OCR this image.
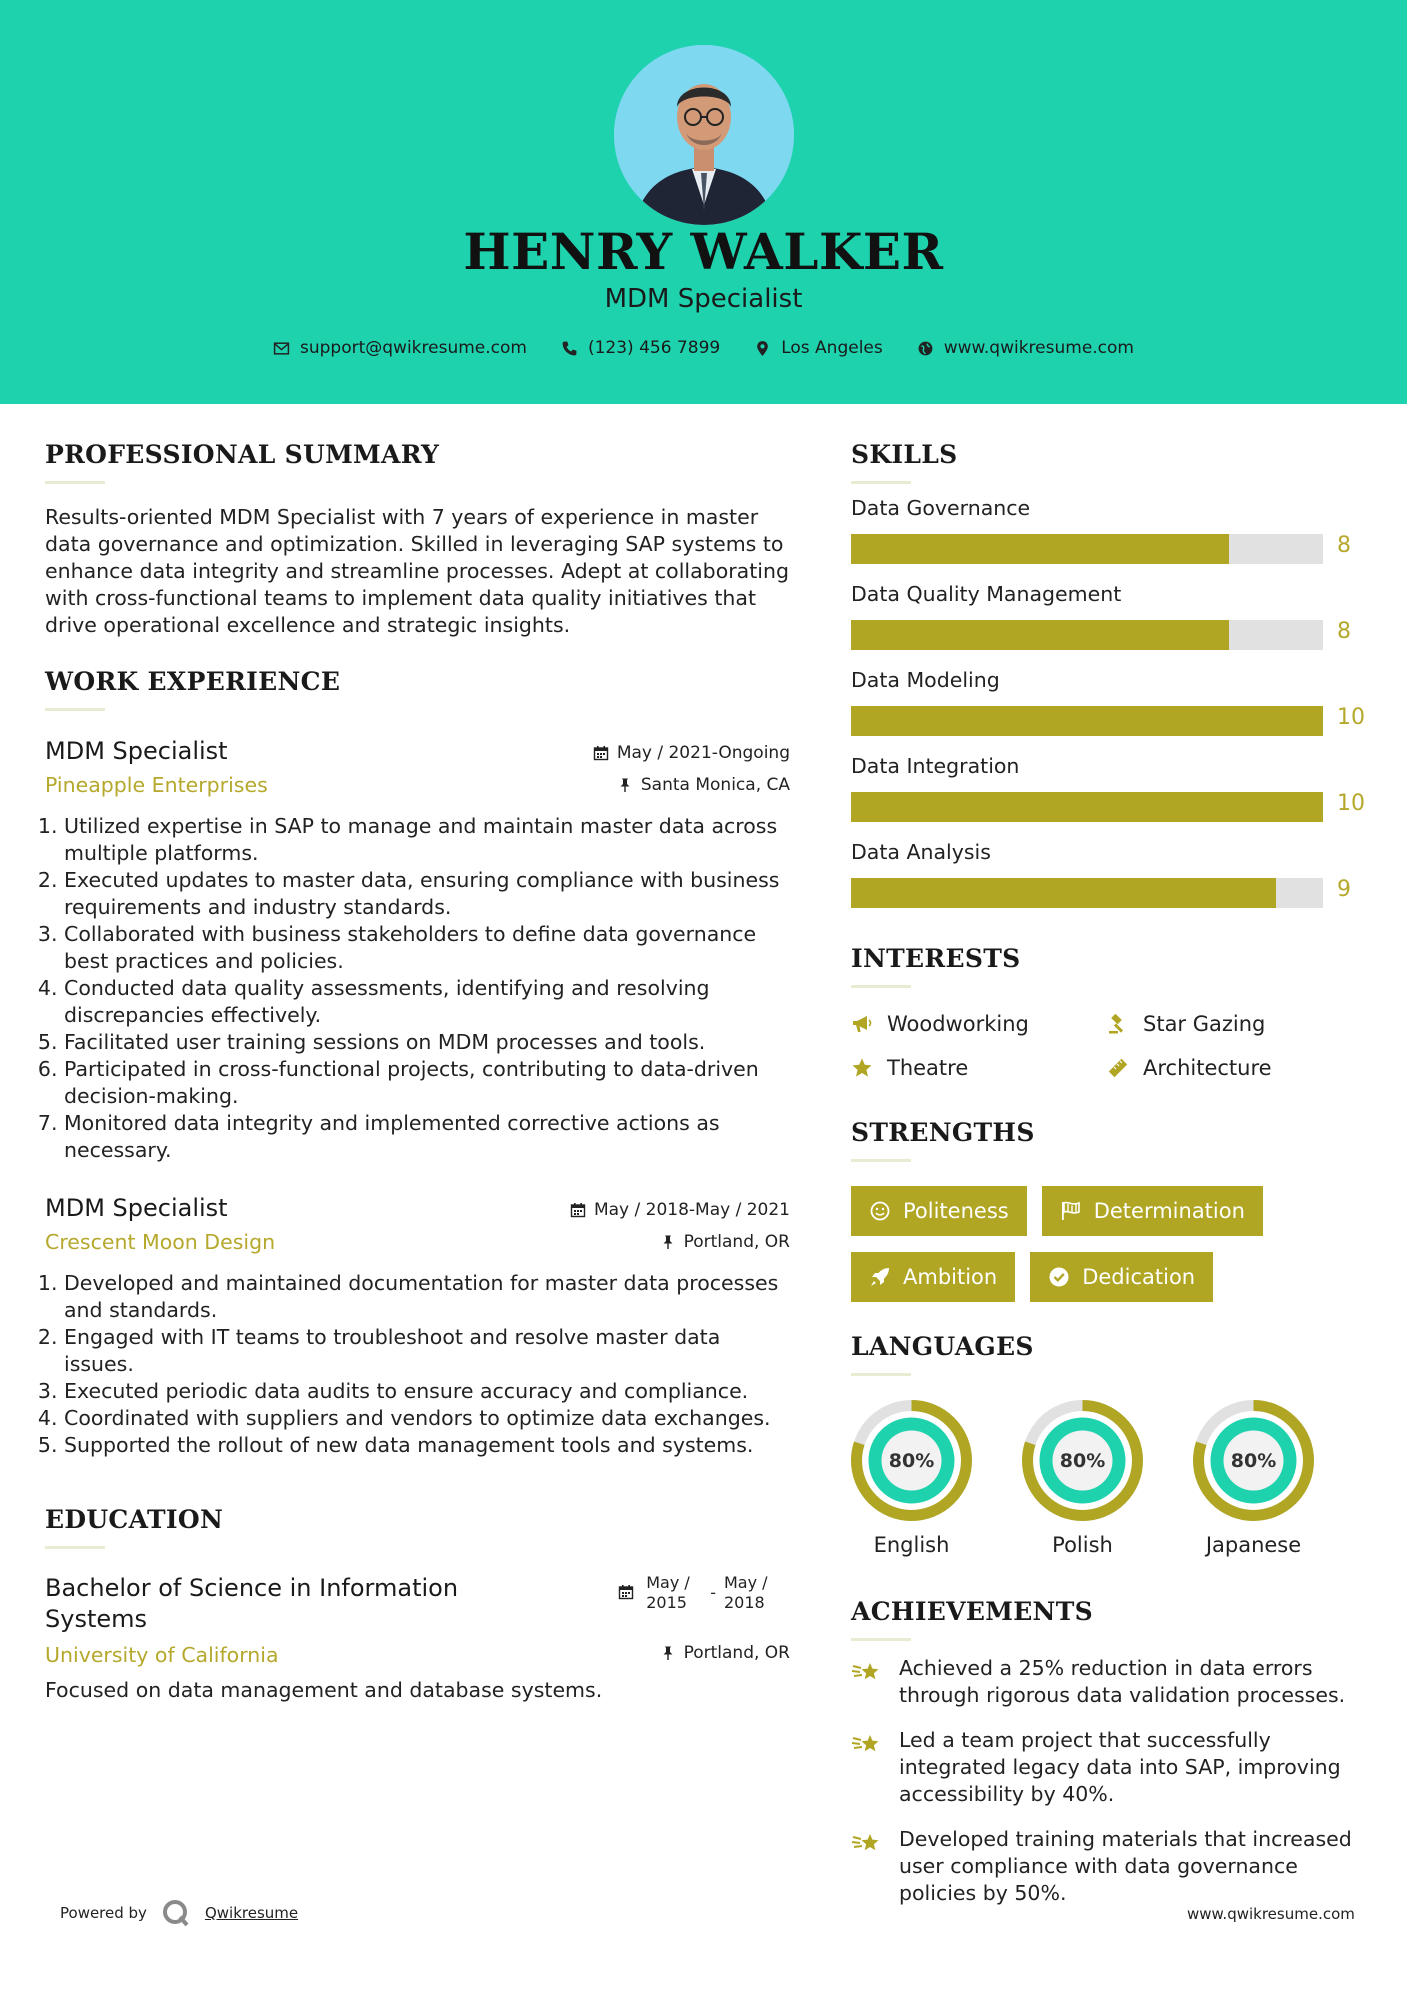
HENRY WALKER
MDM Specialist
support@qwikresume.com	(123) 456 7899	Los Angeles	www.qwikresume.com
PROFESSIONAL SUMMARY
Results-oriented MDM Specialist with 7 years of experience in master data governance and optimization. Skilled in leveraging SAP systems to enhance data integrity and streamline processes. Adept at collaborating with cross-functional teams to implement data quality initiatives that drive operational excellence and strategic insights.
WORK EXPERIENCE
May / 2021-Ongoing
Santa Monica, CA
MDM Specialist
Pineapple Enterprises
1. Utilized expertise in SAP to manage and maintain master data across multiple platforms.
2. Executed updates to master data, ensuring compliance with business requirements and industry standards.
3. Collaborated with business stakeholders to define data governance best practices and policies.
4. Conducted data quality assessments, identifying and resolving discrepancies effectively.
5. Facilitated user training sessions on MDM processes and tools.
6. Participated in cross-functional projects, contributing to data-driven decision-making.
7. Monitored data integrity and implemented corrective actions as necessary.
May / 2018-May / 2021
Portland, OR
MDM Specialist
Crescent Moon Design
1. Developed and maintained documentation for master data processes and standards.
2. Engaged with IT teams to troubleshoot and resolve master data issues.
3. Executed periodic data audits to ensure accuracy and compliance.
4. Coordinated with suppliers and vendors to optimize data exchanges.
5. Supported the rollout of new data management tools and systems.
EDUCATION
May / 2015
-
May / 2018
Portland, OR
Bachelor of Science in Information Systems
University of California
Focused on data management and database systems.
SKILLS
Data Governance
8
Data Quality Management
8
Data Modeling
10
Data Integration
10
Data Analysis
9
INTERESTS
Woodworking	Star Gazing
Theatre	Architecture
STRENGTHS
Politeness	Determination
Ambition	Dedication
LANGUAGES
80%
English
80%
Polish
80%
Japanese
ACHIEVEMENTS
Achieved a 25% reduction in data errors through rigorous data validation processes.
Led a team project that successfully integrated legacy data into SAP, improving accessibility by 40%.
Developed training materials that increased user compliance with data governance policies by 50%.
Powered by	Qwikresume	www.qwikresume.com
